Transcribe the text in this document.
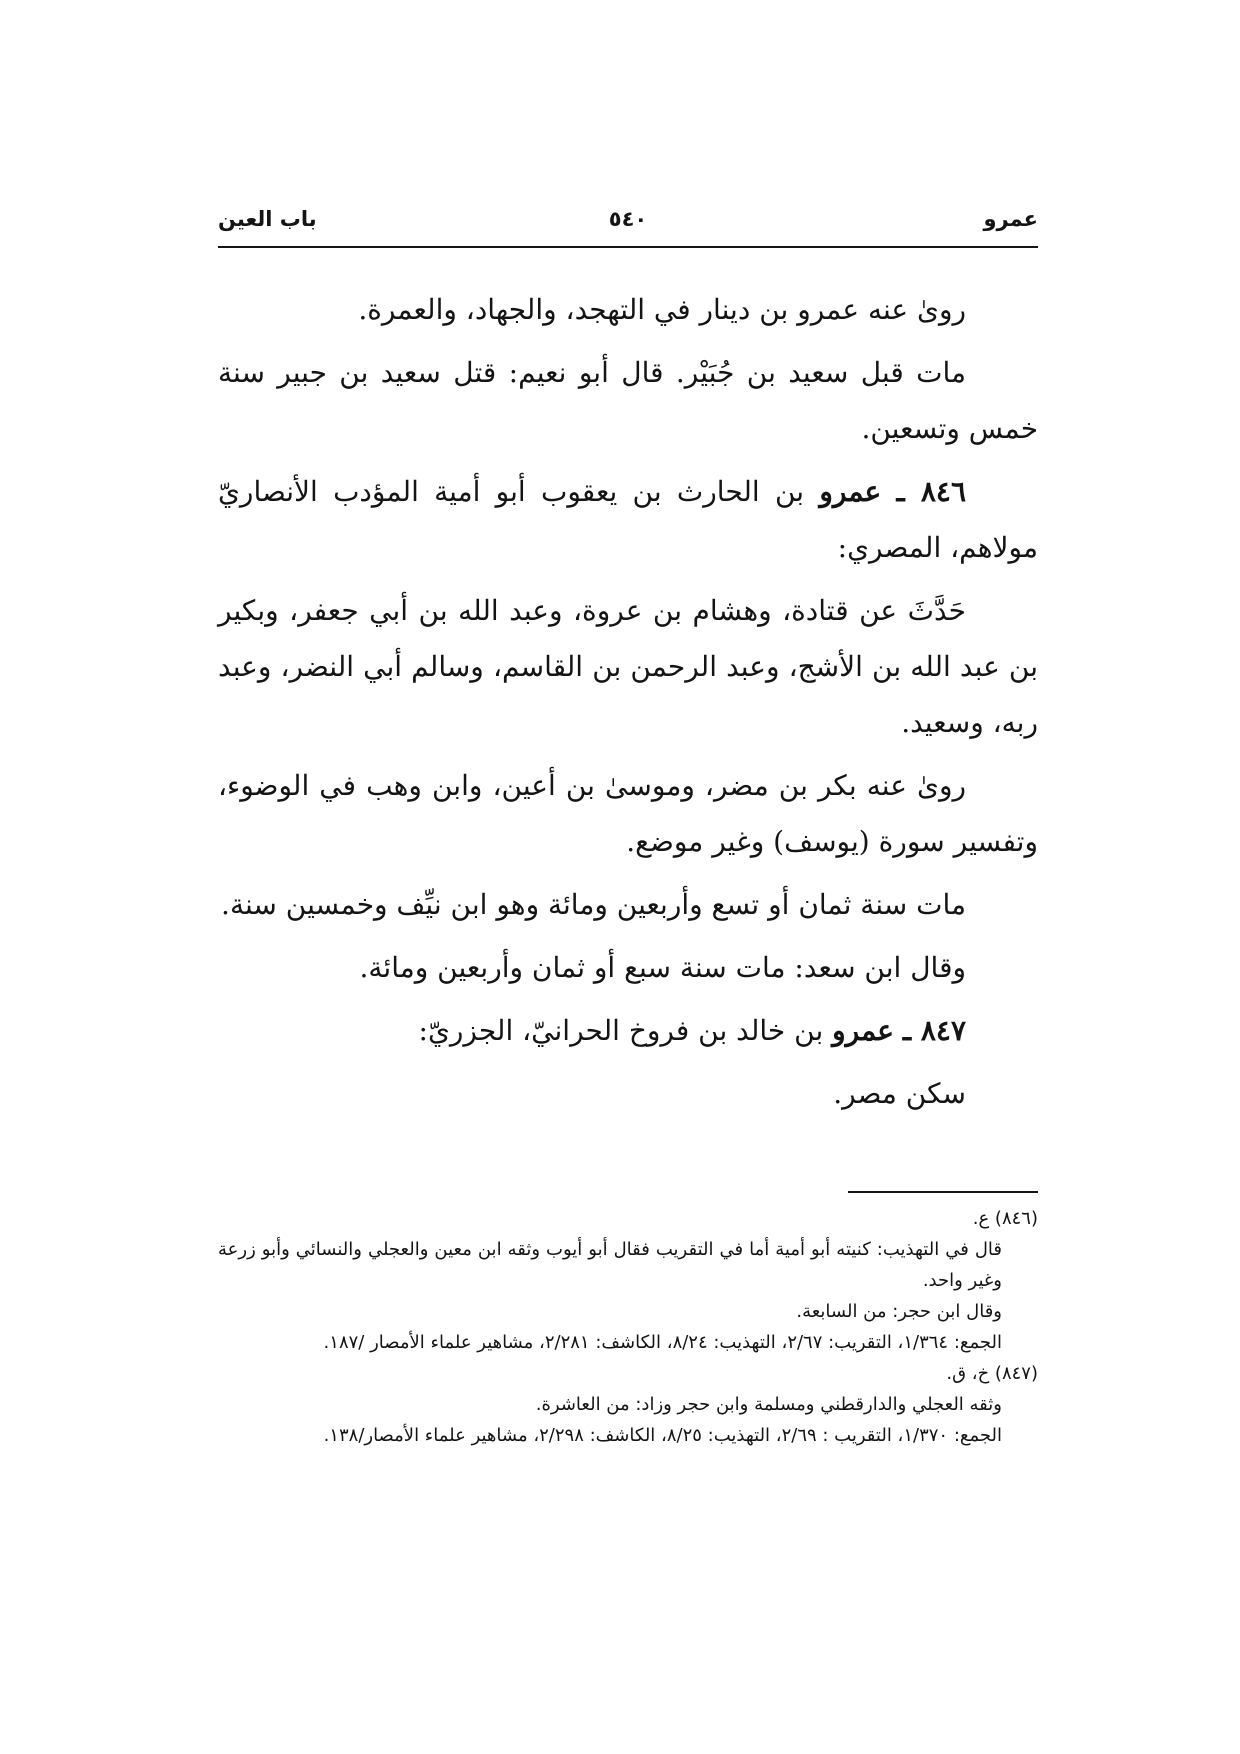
عمرو
٥٤٠
باب العين

روىٰ عنه عمرو بن دينار في التهجد، والجهاد، والعمرة.

مات قبل سعيد بن جُبَيْر. قال أبو نعيم: قتل سعيد بن جبير سنة خمس وتسعين.

٨٤٦ ـ عمرو بن الحارث بن يعقوب أبو أمية المؤدب الأنصاريّ مولاهم، المصري:

حَدَّثَ عن قتادة، وهشام بن عروة، وعبد الله بن أبي جعفر، وبكير بن عبد الله بن الأشج، وعبد الرحمن بن القاسم، وسالم أبي النضر، وعبد ربه، وسعيد.

روىٰ عنه بكر بن مضر، وموسىٰ بن أعين، وابن وهب في الوضوء، وتفسير سورة (يوسف) وغير موضع.

مات سنة ثمان أو تسع وأربعين ومائة وهو ابن نيِّف وخمسين سنة.

وقال ابن سعد: مات سنة سبع أو ثمان وأربعين ومائة.

٨٤٧ ـ عمرو بن خالد بن فروخ الحرانيّ، الجزريّ:

سكن مصر.

(٨٤٦) ع.

قال في التهذيب: كنيته أبو أمية أما في التقريب فقال أبو أيوب وثقه ابن معين والعجلي والنسائي وأبو زرعة وغير واحد.

وقال ابن حجر: من السابعة.

الجمع: ١/٣٦٤، التقريب: ٢/٦٧، التهذيب: ٨/٢٤، الكاشف: ٢/٢٨١، مشاهير علماء الأمصار /١٨٧.

(٨٤٧) خ، ق.

وثقه العجلي والدارقطني ومسلمة وابن حجر وزاد: من العاشرة.

الجمع: ١/٣٧٠، التقريب : ٢/٦٩، التهذيب: ٨/٢٥، الكاشف: ٢/٢٩٨، مشاهير علماء الأمصار/١٣٨.
